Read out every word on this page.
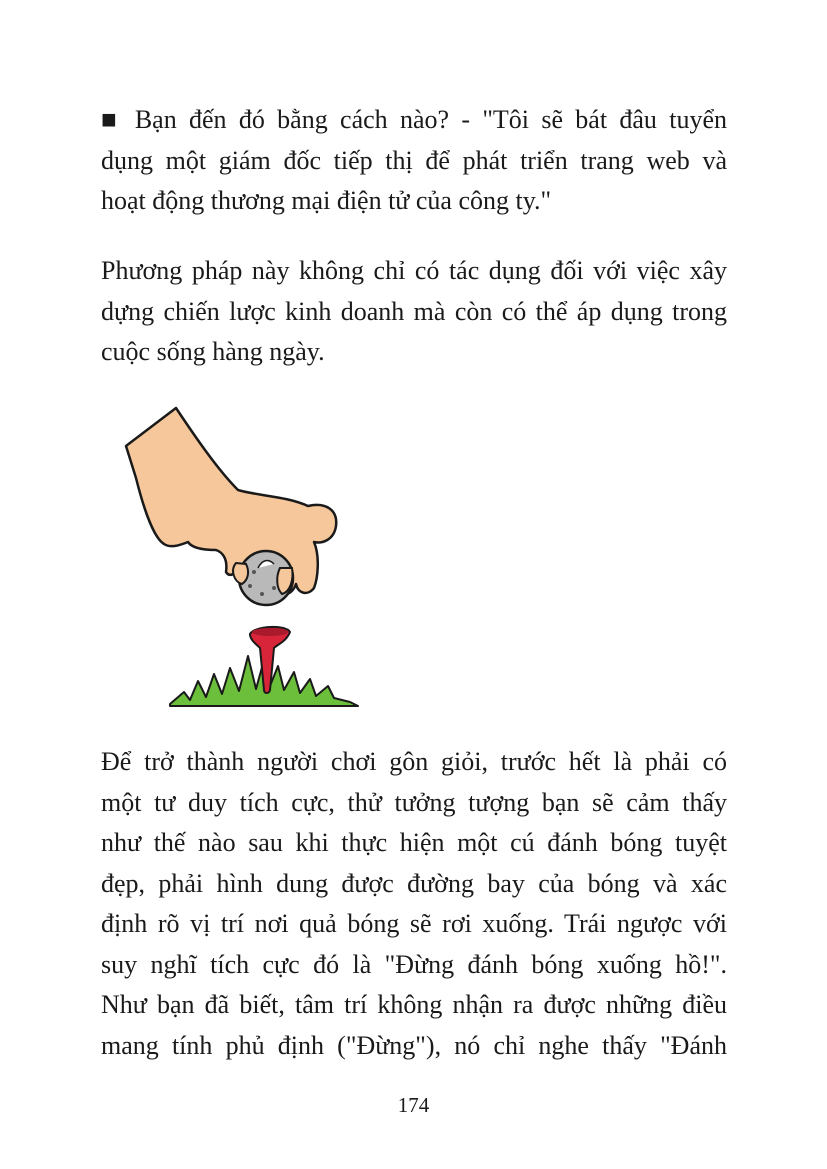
■ Bạn đến đó bằng cách nào? - "Tôi sẽ bát đâu tuyển
dụng một giám đốc tiếp thị để phát triển trang web và
hoạt động thương mại điện tử của công ty."

Phương pháp này không chỉ có tác dụng đối với việc xây
dựng chiến lược kinh doanh mà còn có thể áp dụng trong
cuộc sống hàng ngày.

Để trở thành người chơi gôn giỏi, trước hết là phải có
một tư duy tích cực, thử tưởng tượng bạn sẽ cảm thấy
như thế nào sau khi thực hiện một cú đánh bóng tuyệt
đẹp, phải hình dung được đường bay của bóng và xác
định rõ vị trí nơi quả bóng sẽ rơi xuống. Trái ngược với
suy nghĩ tích cực đó là "Đừng đánh bóng xuống hồ!".
Như bạn đã biết, tâm trí không nhận ra được những điều
mang tính phủ định ("Đừng"), nó chỉ nghe thấy "Đánh

174
